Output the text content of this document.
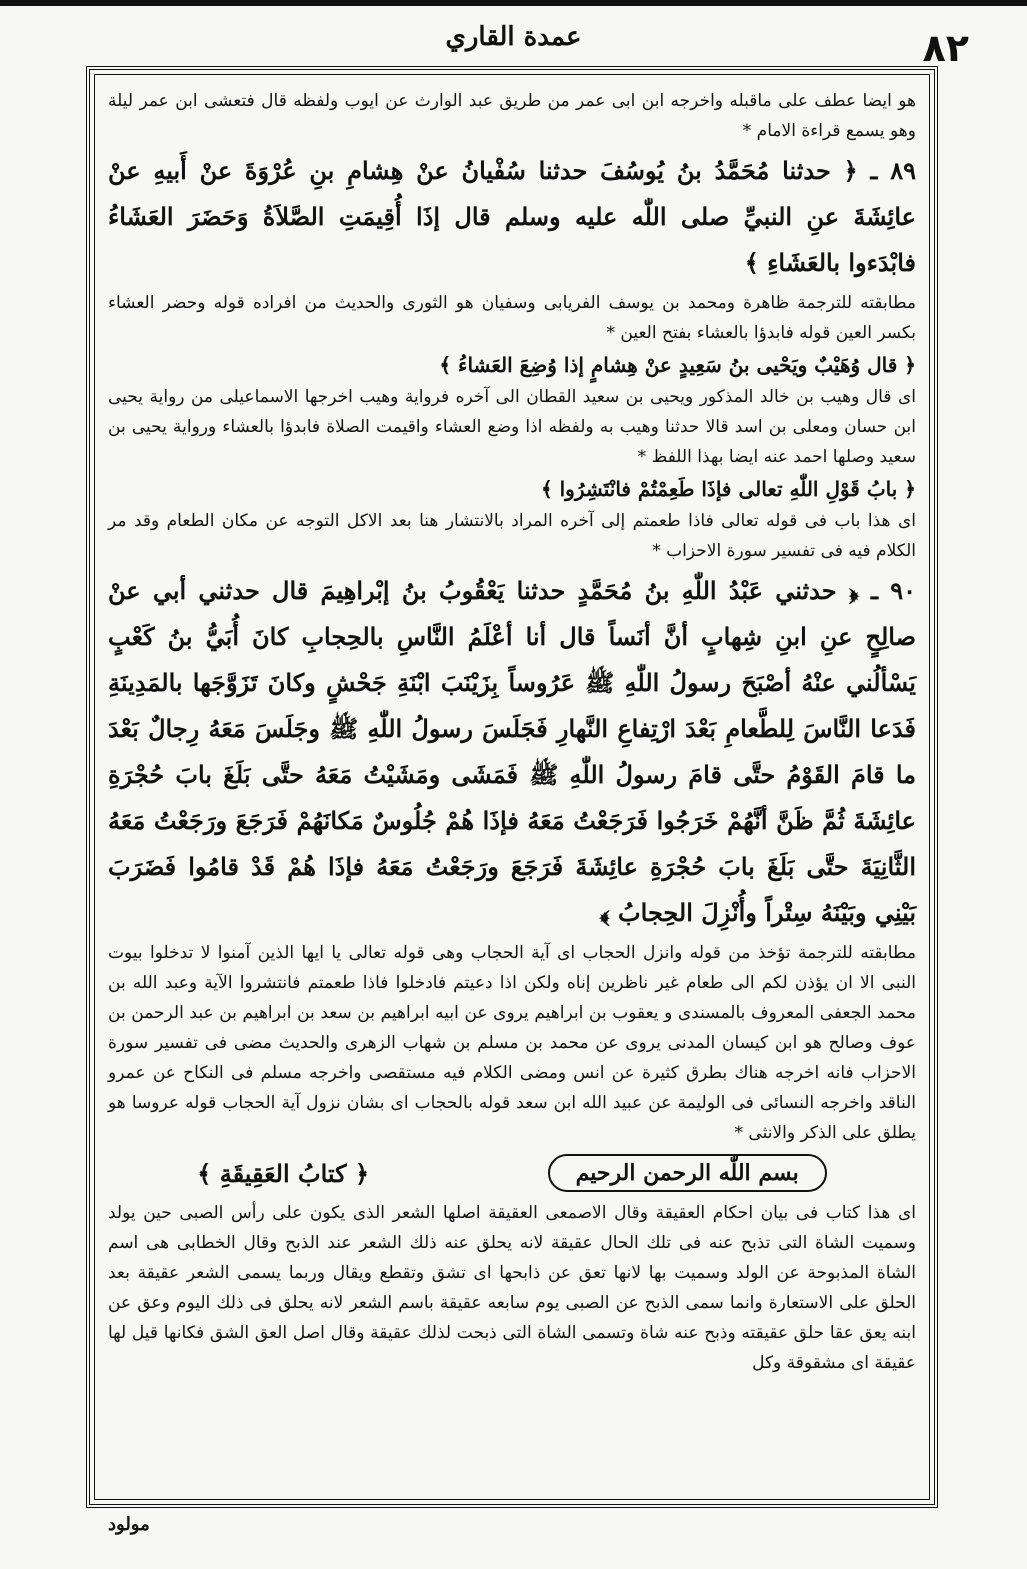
عمدة القاري	٨٢

هو ايضا عطف على ماقبله واخرجه ابن ابى عمر من طريق عبد الوارث عن ايوب ولفظه قال فتعشى ابن عمر ليلة وهو يسمع قراءة الامام *

٨٩ ـ ﴿ حدثنا مُحَمَّدُ بنُ يُوسُفَ حدثنا سُفْيانُ عنْ هِشامِ بنِ عُرْوَةَ عنْ أَبيهِ عنْ عائِشَةَ عنِ النبيِّ صلى اللّٰه عليه وسلم قال إذَا أُقِيمَتِ الصَّلاَةُ وَحَضَرَ العَشَاءُ فابْدَءوا بالعَشَاءِ ﴾

مطابقته للترجمة ظاهرة ومحمد بن يوسف الفريابى وسفيان هو الثورى والحديث من افراده قوله وحضر العشاء بكسر العين قوله فابدؤا بالعشاء بفتح العين *

﴿ قال وُهَيْبٌ ويَحْيى بنُ سَعِيدٍ عنْ هِشامٍ إذا وُضِعَ العَشاءُ ﴾

اى قال وهيب بن خالد المذكور ويحيى بن سعيد القطان الى آخره فرواية وهيب اخرجها الاسماعيلى من رواية يحيى ابن حسان ومعلى بن اسد قالا حدثنا وهيب به ولفظه اذا وضع العشاء واقيمت الصلاة فابدؤا بالعشاء ورواية يحيى بن سعيد وصلها احمد عنه ايضا بهذا اللفظ *

﴿ بابُ قَوْلِ اللّٰهِ تعالى فإذَا طَعِمْتُمْ فانْتَشِرُوا ﴾

اى هذا باب فى قوله تعالى فاذا طعمتم إلى آخره المراد بالانتشار هنا بعد الاكل التوجه عن مكان الطعام وقد مر الكلام فيه فى تفسير سورة الاحزاب *

٩٠ ـ ﴿ حدثني عَبْدُ اللّٰهِ بنُ مُحَمَّدٍ حدثنا يَعْقُوبُ بنُ إبْراهِيمَ قال حدثني أبي عنْ صالِحٍ عنِ ابنِ شِهابٍ أنَّ أنَساً قال أنا أعْلَمُ النَّاسِ بالحِجابِ كانَ أُبَيُّ بنُ كَعْبٍ يَسْألُني عنْهُ أصْبَحَ رسولُ اللّٰهِ ﷺ عَرُوساً بِزَيْنَبَ ابْنَةِ جَحْشٍ وكانَ تَزَوَّجَها بالمَدِينَةِ فَدَعا النَّاسَ لِلطَّعامِ بَعْدَ ارْتِفاعِ النَّهارِ فَجَلَسَ رسولُ اللّٰهِ ﷺ وجَلَسَ مَعَهُ رِجالٌ بَعْدَ ما قامَ القَوْمُ حتَّى قامَ رسولُ اللّٰهِ ﷺ فَمَشَى ومَشَيْتُ مَعَهُ حتَّى بَلَغَ بابَ حُجْرَةِ عائِشَةَ ثُمَّ ظَنَّ أنَّهُمْ خَرَجُوا فَرَجَعْتُ مَعَهُ فإذَا هُمْ جُلُوسٌ مَكانَهُمْ فَرَجَعَ ورَجَعْتُ مَعَهُ الثَّانِيَةَ حتَّى بَلَغَ بابَ حُجْرَةِ عائِشَةَ فَرَجَعَ ورَجَعْتُ مَعَهُ فإذَا هُمْ قَدْ قامُوا فَضَرَبَ بَيْنِي وبَيْنَهُ سِتْراً وأُنْزِلَ الحِجابُ ﴾

مطابقته للترجمة تؤخذ من قوله وانزل الحجاب اى آية الحجاب وهى قوله تعالى يا ايها الذين آمنوا لا تدخلوا بيوت النبى الا ان يؤذن لكم الى طعام غير ناظرين إناه ولكن اذا دعيتم فادخلوا فاذا طعمتم فانتشروا الآية وعبد الله بن محمد الجعفى المعروف بالمسندى و يعقوب بن ابراهيم يروى عن ابيه ابراهيم بن سعد بن ابراهيم بن عبد الرحمن بن عوف وصالح هو ابن كيسان المدنى يروى عن محمد بن مسلم بن شهاب الزهرى والحديث مضى فى تفسير سورة الاحزاب فانه اخرجه هناك بطرق كثيرة عن انس ومضى الكلام فيه مستقصى واخرجه مسلم فى النكاح عن عمرو الناقد واخرجه النسائى فى الوليمة عن عبيد الله ابن سعد قوله بالحجاب اى بشان نزول آية الحجاب قوله عروسا هو يطلق على الذكر والانثى *

بسم اللّٰه الرحمن الرحيم
﴿ كتابُ العَقِيقَةِ ﴾

اى هذا كتاب فى بيان احكام العقيقة وقال الاصمعى العقيقة اصلها الشعر الذى يكون على رأس الصبى حين يولد وسميت الشاة التى تذبح عنه فى تلك الحال عقيقة لانه يحلق عنه ذلك الشعر عند الذبح وقال الخطابى هى اسم الشاة المذبوحة عن الولد وسميت بها لانها تعق عن ذابحها اى تشق وتقطع ويقال وربما يسمى الشعر عقيقة بعد الحلق على الاستعارة وانما سمى الذبح عن الصبى يوم سابعه عقيقة باسم الشعر لانه يحلق فى ذلك اليوم وعق عن ابنه يعق عقا حلق عقيقته وذبح عنه شاة وتسمى الشاة التى ذبحت لذلك عقيقة وقال اصل العق الشق فكانها قيل لها عقيقة اى مشقوقة وكل

مولود
